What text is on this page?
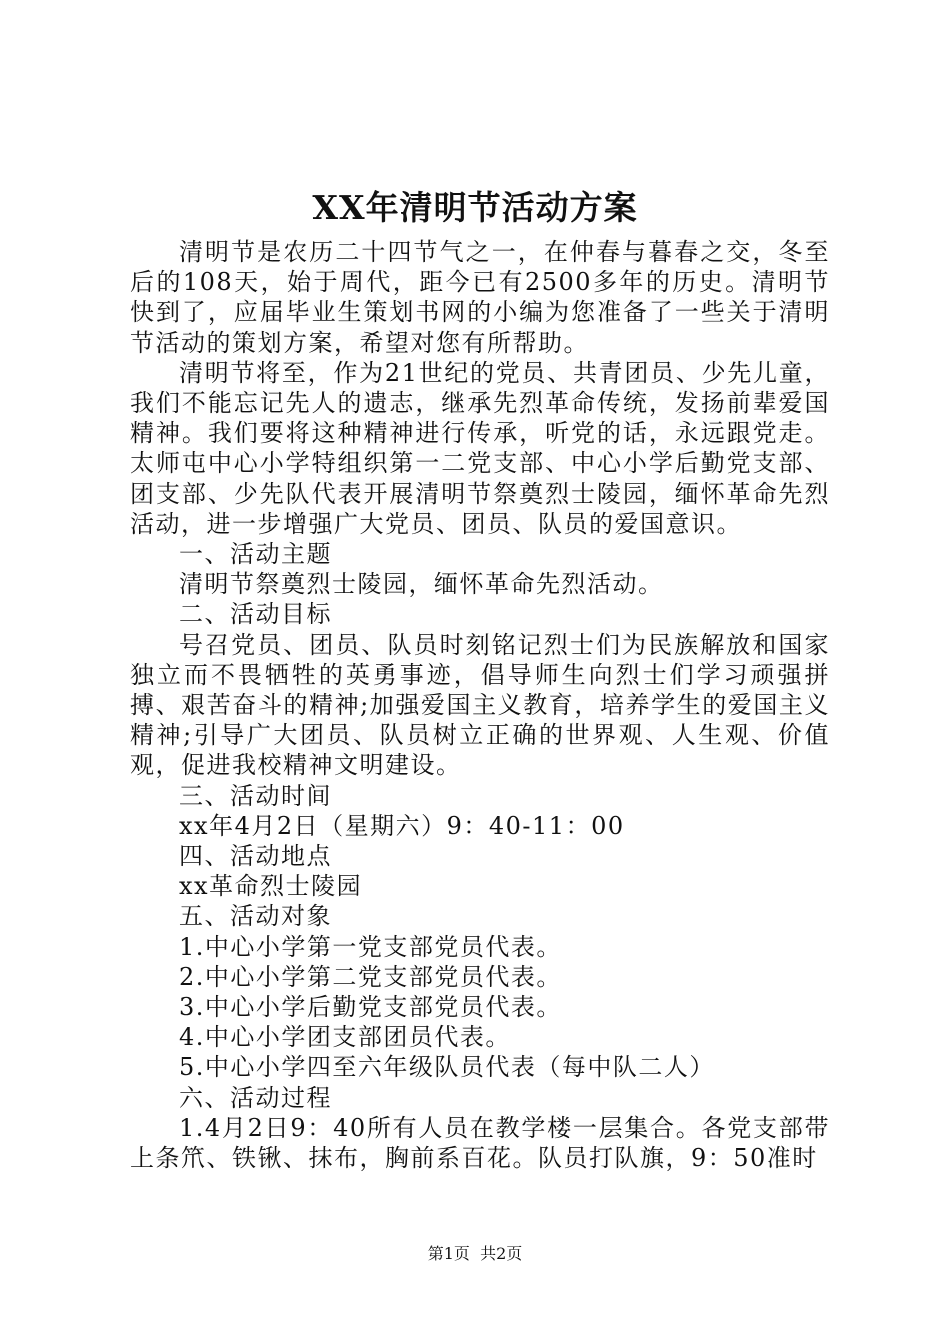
XX年清明节活动方案

清明节是农历二十四节气之一，在仲春与暮春之交，冬至后的108天，始于周代，距今已有2500多年的历史。清明节快到了，应届毕业生策划书网的小编为您准备了一些关于清明节活动的策划方案，希望对您有所帮助。

清明节将至，作为21世纪的党员、共青团员、少先儿童，我们不能忘记先人的遗志，继承先烈革命传统，发扬前辈爱国精神。我们要将这种精神进行传承，听党的话，永远跟党走。太师屯中心小学特组织第一二党支部、中心小学后勤党支部、团支部、少先队代表开展清明节祭奠烈士陵园，缅怀革命先烈活动，进一步增强广大党员、团员、队员的爱国意识。

一、活动主题

清明节祭奠烈士陵园，缅怀革命先烈活动。

二、活动目标

号召党员、团员、队员时刻铭记烈士们为民族解放和国家独立而不畏牺牲的英勇事迹，倡导师生向烈士们学习顽强拼搏、艰苦奋斗的精神;加强爱国主义教育，培养学生的爱国主义精神;引导广大团员、队员树立正确的世界观、人生观、价值观，促进我校精神文明建设。

三、活动时间

xx年4月2日（星期六）9：40-11：00

四、活动地点

xx革命烈士陵园

五、活动对象

1.中心小学第一党支部党员代表。

2.中心小学第二党支部党员代表。

3.中心小学后勤党支部党员代表。

4.中心小学团支部团员代表。

5.中心小学四至六年级队员代表（每中队二人）

六、活动过程

1.4月2日9：40所有人员在教学楼一层集合。各党支部带上条笊、铁锹、抹布，胸前系百花。队员打队旗，9：50准时

第1页 共2页
